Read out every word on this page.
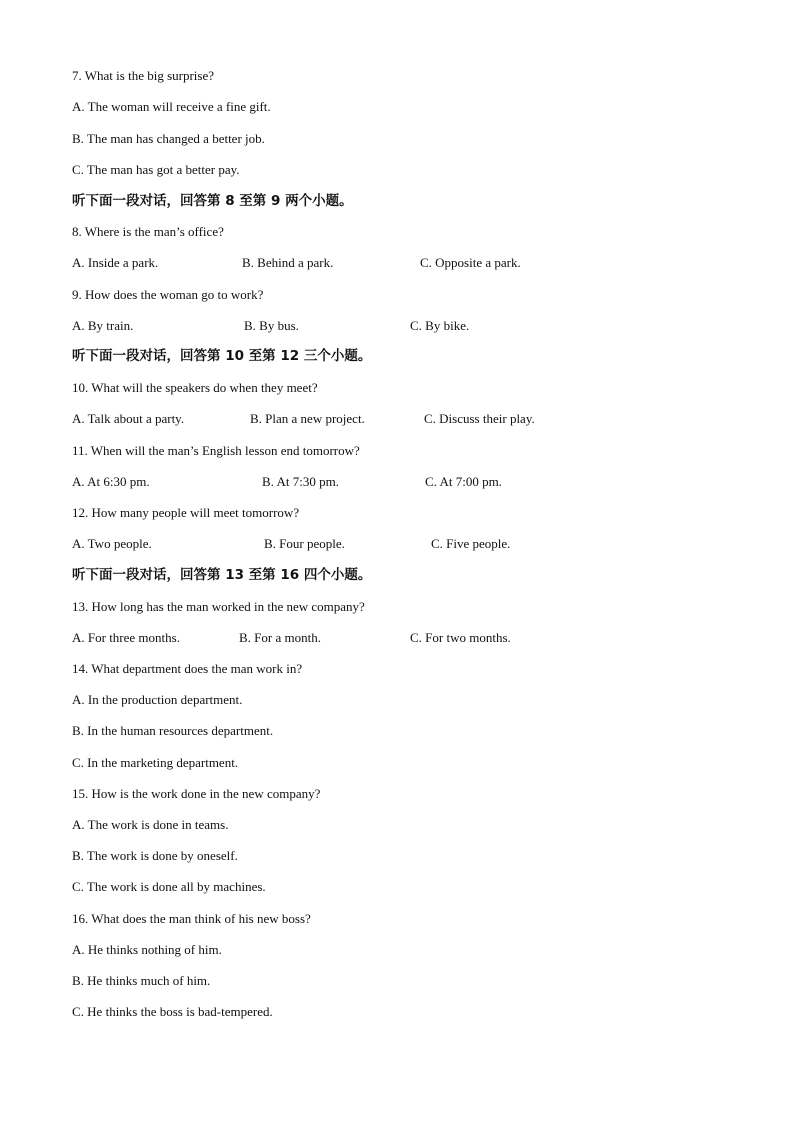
7. What is the big surprise?
A. The woman will receive a fine gift.
B. The man has changed a better job.
C. The man has got a better pay.
听下面一段对话，回答第 8 至第 9 两个小题。
8. Where is the man’s office?
A. Inside a park.	B. Behind a park.	C. Opposite a park.
9. How does the woman go to work?
A. By train.	B. By bus.	C. By bike.
听下面一段对话，回答第 10 至第 12 三个小题。
10. What will the speakers do when they meet?
A. Talk about a party.	B. Plan a new project.	C. Discuss their play.
11. When will the man’s English lesson end tomorrow?
A. At 6:30 pm.	B. At 7:30 pm.	C. At 7:00 pm.
12. How many people will meet tomorrow?
A. Two people.	B. Four people.	C. Five people.
听下面一段对话，回答第 13 至第 16 四个小题。
13. How long has the man worked in the new company?
A. For three months.	B. For a month.	C. For two months.
14. What department does the man work in?
A. In the production department.
B. In the human resources department.
C. In the marketing department.
15. How is the work done in the new company?
A. The work is done in teams.
B. The work is done by oneself.
C. The work is done all by machines.
16. What does the man think of his new boss?
A. He thinks nothing of him.
B. He thinks much of him.
C. He thinks the boss is bad-tempered.
